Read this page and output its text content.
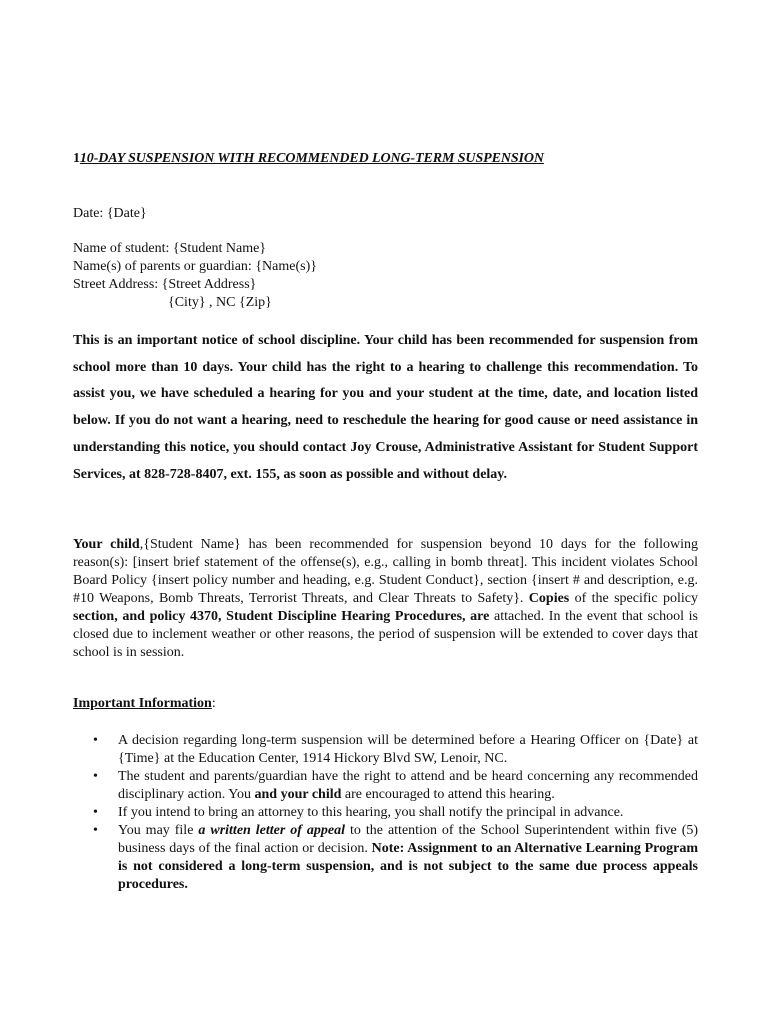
110-DAY SUSPENSION WITH RECOMMENDED LONG-TERM SUSPENSION
Date: {Date}
Name of student: {Student Name}
Name(s) of parents or guardian: {Name(s)}
Street Address: {Street Address}
{City} , NC {Zip}
This is an important notice of school discipline. Your child has been recommended for suspension from school more than 10 days. Your child has the right to a hearing to challenge this recommendation. To assist you, we have scheduled a hearing for you and your student at the time, date, and location listed below. If you do not want a hearing, need to reschedule the hearing for good cause or need assistance in understanding this notice, you should contact Joy Crouse, Administrative Assistant for Student Support Services, at 828-728-8407, ext. 155, as soon as possible and without delay.
Your child,{Student Name} has been recommended for suspension beyond 10 days for the following reason(s): [insert brief statement of the offense(s), e.g., calling in bomb threat]. This incident violates School Board Policy {insert policy number and heading, e.g. Student Conduct}, section {insert # and description, e.g. #10 Weapons, Bomb Threats, Terrorist Threats, and Clear Threats to Safety}. Copies of the specific policy section, and policy 4370, Student Discipline Hearing Procedures, are attached. In the event that school is closed due to inclement weather or other reasons, the period of suspension will be extended to cover days that school is in session.
Important Information:
• A decision regarding long-term suspension will be determined before a Hearing Officer on {Date} at {Time} at the Education Center, 1914 Hickory Blvd SW, Lenoir, NC.
• The student and parents/guardian have the right to attend and be heard concerning any recommended disciplinary action. You and your child are encouraged to attend this hearing.
• If you intend to bring an attorney to this hearing, you shall notify the principal in advance.
• You may file a written letter of appeal to the attention of the School Superintendent within five (5) business days of the final action or decision. Note: Assignment to an Alternative Learning Program is not considered a long-term suspension, and is not subject to the same due process appeals procedures.
